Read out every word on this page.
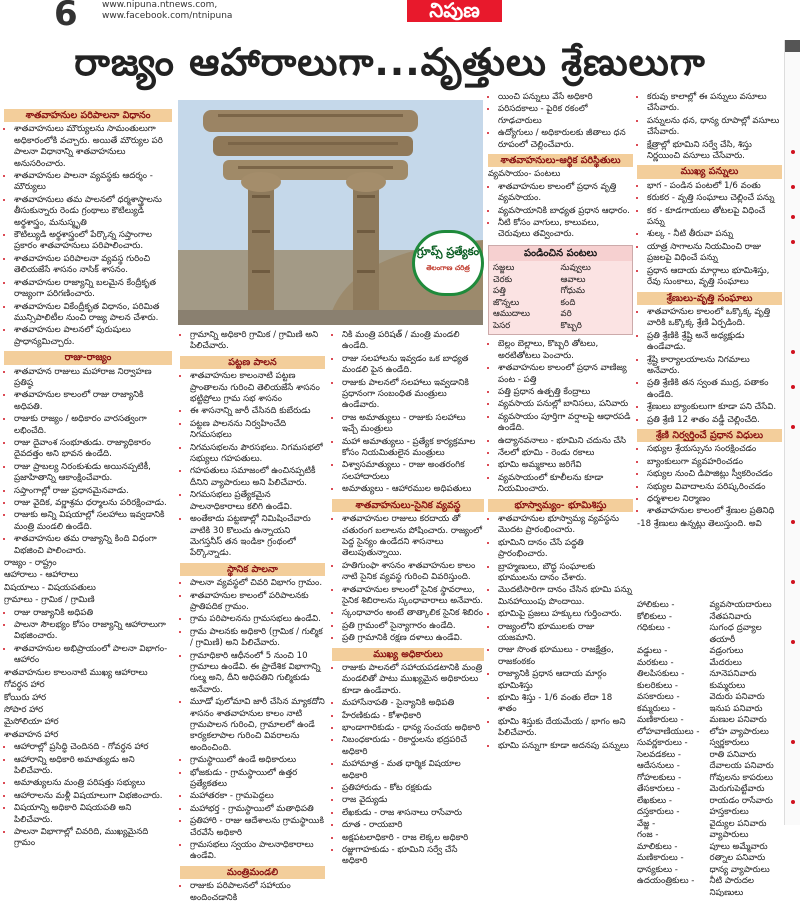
6	www.nipuna.ntnews.com,
www.facebook.com/ntnipuna	నిపుణ
రాజ్యం ఆహారాలుగా...వృత్తులు శ్రేణులుగా
గ్రూప్స్ ప్రత్యేకం
తెలంగాణ చరిత్ర
శాతవాహనుల పరిపాలనా విధానం
• శాతవాహనులు మౌర్యులను సామంతులుగా అధికారంలోకి వచ్చారు. అయితే మౌర్యుల పరి పాలనా విధానాన్ని శాతవాహనులు అనుసరించారు.
• శాతవాహనుల పాలనా వ్యవస్థకు ఆదర్శం - మౌర్యులు
• శాతవాహనులు తమ పాలనలో ధర్మశాస్త్రాలను తీసుకున్నారు రెండు గ్రంథాలు కౌటిల్యుడి అర్థశాస్త్రం, మనుస్మృతి
• కౌటిల్యుడి అర్థశాస్త్రంలో పేర్కొన్న సప్తాంగాల ప్రకారం శాతవాహనులు పరిపాలించారు.
• శాతవాహనుల పరిపాలనా వ్యవస్థ గురించి తెలియజేసే శాసనం నాసిక్ శాసనం.
• శాతవాహనుల రాజ్యాన్ని బలమైన కేంద్రీకృత రాజ్యంగా పరిగణించారు.
• శాతవాహనుల వికేంద్రీకృత విధానం, పరిమిత మున్సిపాలిటీల నుంచి రాజ్య పాలన చేశారు.
• శాతవాహనుల పాలనలో పురుషులు ప్రాధాన్యమిచ్చారు.
రాజు-రాజ్యం
• శాతవాహన రాజులు మహారాజ నిర్వాహణ ప్రతిష్ఠ
• శాతవాహనుల కాలంలో రాజు రాజ్యానికి అధిపతి.
• రాజుకు రాజ్యం / అధికారం వారసత్వంగా లభించేది.
• రాజు దైవాంశ సంభూతుడు. రాజ్యాధికారం దైవదత్తం అని భావన ఉండేది.
• రాజు ప్రాబల్య నిరంకుశుడు అయినప్పటికీ, ప్రజాహితాన్ని ఆకాంక్షించేవారు.
• సప్తాంగాల్లో రాజు ప్రధానమైనవాడు.
• రాజు వైదిక, వర్ణాశ్రమ ధర్మాలను పరిరక్షించాడు.
• రాజుకు అన్ని విషయాల్లో సలహాలు ఇవ్వడానికి మంత్రి మండలి ఉండేది.
• శాతవాహనుల తమ రాజ్యాన్ని కింది విధంగా విభజించి పాలించారు.
రాజ్యం - రాష్ట్రం
ఆహారాలు - ఆహారాలు
విషయాలు - విషయపతులు
గ్రామాలు - గ్రామిక / గ్రామిణి
• రాజు రాజ్యానికి అధిపతి
• పాలనా సౌలభ్యం కోసం రాజ్యాన్ని ఆహారాలుగా విభజించారు.
• శాతవాహనుల అభిప్రాయంలో పాలనా విభాగం-ఆహారం
శాతవాహనుల కాలంనాటి ముఖ్య ఆహారాలు
గోవర్ధన హార
కోయిరు హార
సోపార హార
మైసోలియా హార
శాతవాహన హార
• ఆహారాల్లో ప్రసిద్ధి చెందినది - గోవర్ధన హార
• ఆహారాన్ని అధికారి అమాత్యుడు అని పిలిచేవారు.
• అమాత్యులను మంత్రి పరిషత్తు సభ్యులు
• ఆహారాలను మళ్లీ విషయాలుగా విభజించారు.
• విషయాన్ని అధికారి విషయపతి అని పిలిచేవారు.
• పాలనా విభాగాల్లో చివరిది, ముఖ్యమైనది గ్రామం
• గ్రామాన్ని అధికారి గ్రామిక / గ్రామిణి అని పిలిచేవారు.
పట్టణ పాలన
• శాతవాహనుల కాలంనాటి పట్టణ ప్రాంతాలను గురించి తెలియజేసే శాసనం భట్టిప్రోలు గ్రామ సభ శాసనం
• ఈ శాసనాన్ని జారీ చేసినది కుబేరుడు
• పట్టణ పాలనను నిర్వహించేది నిగమసభలు
• నిగమసభలను పౌరసభలు. నిగమసభలో సభ్యులు గహపతులు.
• గహపతులు సమాజంలో ఉంచినప్పటికీ దీనిని వ్యాపారులు అని పిలిచేవారు.
• నిగమసభలు ప్రత్యేకమైన పాలనాధికారాలు కలిగి ఉండేవి.
• అంతేకాదు పట్టణాల్లో నిమిషించేవారు వాటికి 30 కొలుచు ఉన్నాయని మెగస్తనీస్ తన ఇండికా గ్రంథంలో పేర్కొన్నాడు.
స్థానిక పాలనా
• పాలనా వ్యవస్థలో చివరి విభాగం గ్రామం.
• శాతవాహనుల కాలంలో పరిపాలనకు ప్రాతిపదిక గ్రామం.
• గ్రామ పరిపాలనను గ్రామసభలు ఉండేవి.
• గ్రామ పాలనకు అధికారి (గ్రామిక / గుల్మిక / గ్రామిణి) అని పిలిచేవారు.
• గ్రామాధికారి ఆధీనంలో 5 నుంచి 10 గ్రామాలు ఉండేవి. ఈ ప్రాదేశిక విభాగాన్ని గుల్మ అని, దీని అధిపతిని గుల్మికుడు అనేవారు.
• మూడో పులోమావి జారీ చేసిన మ్యాకదోని శాసనం శాతవాహనుల కాలం నాటి గ్రామపాలన గురించి, గ్రామాలలో ఉండే కార్యకలాపాల గురించి వివరాలను అందించింది.
• గ్రామస్థాయిలో ఉండే అధికారులు
• భోజకుడు - గ్రామస్థాయిలో ఉత్తర ప్రత్యేకతలు
• మహాతరకా - గ్రామపెద్దలు
• మహాభర్త - గ్రామస్థాయిలో మతాధిపతి
• ప్రతిహారి - రాజు ఆదేశాలను గ్రామస్థాయికి చేరవేసే అధికారి
• గ్రామసభలు స్వయం పాలనాధికారాలు ఉండేవి.
మంత్రిమండలి
• రాజుకు పరిపాలనలో సహాయం అందించడానికి
• నికి మంత్రి పరిషత్ / మంత్రి మండలి ఉండేది.
• రాజు సలహాలను ఇవ్వడం ఒక బాధ్యత మండలి పైన ఉండేది.
• రాజుకు పాలనలో సలహాలు ఇవ్వడానికి ప్రధానంగా సంబంధిత మంత్రులు ఉండేవారు.
• రాజ అమాత్యులు - రాజుకు సలహాలు ఇచ్చే మంత్రులు
• మహా అమాత్యులు - ప్రత్యేక కార్యక్రమాల కోసం నియమితులైన మంత్రులు
• విశ్వాసమాత్యులు - రాజు అంతరంగిక సలహాదారులు
• అమాత్యులు - ఆహారముల అధిపతులు
శాతవాహనులు-సైనిక వ్యవస్థ
• శాతవాహనుల రాజులు కరదాయ తో చతురంగ బలాలను పోషించారు. రాజ్యంలో పెద్ద సైన్యం ఉండేదని శాసనాలు తెలుపుతున్నాయి.
• హతిగుంఫా శాసనం శాతవాహనుల కాలం నాటి సైనిక వ్యవస్థ గురించి వివరిస్తుంది.
• శాతవాహనుల కాలంలో సైనిక స్థావరాలు, సైనిక శిబిరాలను స్కంధావారాలు అనేవారు.
• స్కంధావారం అంటే తాత్కాలిక సైనిక శిబిరం
• ప్రతి గ్రామంలో సైన్యాగారం ఉండేది.
• ప్రతి గ్రామానికి రక్షణ దళాలు ఉండేవి.
ముఖ్య అధికారులు
• రాజుకు పాలనలో సహాయపడటానికి మంత్రి మండలితో పాటు ముఖ్యమైన అధికారులు కూడా ఉండేవారు.
• మహాసేనాపతి - సైన్యానికి అధిపతి
• హేరణికుడు - కోశాధికారి
• భాండాగారికుడు - ధాన్య సంచయ అధికారి
• నిబంధకారుడు - రికార్డులను భద్రపరిచే అధికారి
• మహామాత్ర - మత ధార్మిక విషయాల అధికారి
• ప్రతిహారుడు - కోట రక్షకుడు
• రాజ వైద్యుడు
• లేఖకుడు - రాజ శాసనాలు రాసేవారు
• దూత - రాయబారి
• అక్షపటలాధికారి - రాజ లెక్కల అధికారి
• రజ్జుగాహకుడు - భూమిని సర్వే చేసే అధికారి
• యించి పన్నులు వేసే అధికారి
• పరిసదకాలు - పైరిక రకంలో గూఢచారులు
• ఉద్యోగులు / అధికారులకు జీతాలు ధన రూపంలో చెల్లించేవారు.
శాతవాహనులు-ఆర్థిక పరిస్థితులు
వ్యవసాయం- పంటలు
• శాతవాహనుల కాలంలో ప్రధాన వృత్తి వ్యవసాయం.
• వ్యవసాయానికి బాధ్యత ప్రధాన ఆధారం.
• నీటి కోసం వాగులు, కాలువలు, చెరువులు తవ్వించారు.
పండించిన పంటలు
సజ్జలు	నువ్వులు
చెరకు	ఆవాలు
పత్తి	గోధుమ
జొన్నలు	కంది
ఆముదాలు	వరి
పెసర	కొబ్బరి
• బెల్లం బెల్లాలు, కొబ్బరి తోటలు, అరటితోటలు పెంచారు.
• శాతవాహనుల కాలంలో ప్రధాన వాణిజ్య పంట - పత్తి
• పత్తి ప్రధాన ఉత్పత్తి కేంద్రాలు
• వ్యవసాయ పనుల్లో బానిసలు, పనివారు
• వ్యవసాయం పూర్తిగా వర్షాలపై ఆధారపడి ఉండేది.
• ఉద్యానవనాలు - భూమిని చదును చేసి
• నేలలో భూమి - రెండు రకాలు
• భూమి అమ్మకాలు జరిగేవి
• వ్యవసాయంలో కూలీలను కూడా నియమించారు.
భూస్వామ్యం- భూమిశిస్తు
• శాతవాహనుల భూస్వామ్య వ్యవస్థను మొదట ప్రారంభించారు.
• భూమిని దానం చేసే పద్ధతి ప్రారంభించారు.
• బ్రాహ్మణులు, బౌద్ధ సంఘాలకు భూములను దానం చేశారు.
• మొదటిసారిగా దానం చేసిన భూమి పన్ను మినహాయింపు పొందాయి.
• భూమిపై ప్రజలు హక్కులు గుర్తించారు.
• రాజ్యంలోని భూములకు రాజు యజమాని.
• రాజు సొంత భూములు - రాజక్షేత్రం, రాజకంఠకం
• రాజ్యానికి ప్రధాన ఆదాయ మార్గం భూమిశిస్తు
• భూమి శిస్తు - 1/6 వంతు లేదా 18 శాతం
• భూమి శిస్తుకు దేయమేయ / భాగం అని పిలిచేవారు.
• భూమి పన్నుగా కూడా అదనపు పన్నులు
• కరువు కాలాల్లో ఈ పన్నులు వసూలు చేసేవారు.
• పన్నులను ధన, ధాన్య రూపాల్లో వసూలు చేసేవారు.
• క్షేత్రాల్లో భూమిని సర్వే చేసి, శిస్తు నిర్ణయించి వసూలు చేసేవారు.
ముఖ్య పన్నులు
• భాగ - పండిన పంటలో 1/6 వంతు
• కరుకర - వృత్తి సంఘాలు చెల్లించే పన్ను
• కర - కూడగాయలు తోటలపై విధించే పన్ను
• శుల్క - నీటి తీరువా పన్ను
• యాత్ర సాగాలను నియమించి రాజు ప్రజలపై విధించే పన్ను
• ప్రధాన ఆదాయ మార్గాలు భూమిశిస్తు, రేవు సుంకాలు, వృత్తి సంఘాలు
శ్రేణులు-వృత్తి సంఘాలు
• శాతవాహనుల కాలంలో ఒక్కొక్క వృత్తి వారికి ఒక్కొక్క శ్రేణి ఏర్పడింది.
• ప్రతి శ్రేణికి శ్రేష్టి అనే అధ్యక్షుడు ఉండేవాడు.
• శ్రేష్టి కార్యాలయాలను నిగమాలు అనేవారు.
• ప్రతి శ్రేణికి తన స్వంత ముద్ర, పతాకం ఉండేది.
• శ్రేణులు బ్యాంకులుగా కూడా పని చేసేవి.
• ప్రతి శ్రేణి 12 శాతం వడ్డీ చెల్లించేది.
శ్రేణి నిర్వర్తించే ప్రధాన విధులు
• సభ్యుల శ్రేయస్సును సంరక్షించడం
• బ్యాంకులుగా వ్యవహరించడం
• సభ్యుల నుంచి డిపాజిట్లు స్వీకరించడం
• సభ్యుల వివాదాలను పరిష్కరించడం
• ధర్మశాలల నిర్మాణం
• శాతవాహనుల కాలంలో శ్రేణుల ప్రతినిధి
-18 శ్రేణులు ఉన్నట్లు తెలుస్తుంది. అవి
హాలికులు -	వ్యవసాయదారులు
కోలికులు -	నేతపనివారు
గధికులు -	సుగంధ ద్రవ్యాల తయారీ
వడ్డులు -	వడ్రంగులు
మరకులు -	మేదరులు
తిలపిసకులు -	నూనెపనివారు
కులరికులు -	కుమ్మరులు
వసకారులు -	వెదురు పనివారు
కమ్మరులు -	ఇనుప పనివారు
మణికారులు -	మణుల పనివారు
లోహవాణియులు -	లోహ వ్యాపారులు
సువర్ణకారులు -	స్వర్ణకారులు
సెలవడకలు -	రాతి పనివారు
ఆదేసనులు -	దేవాలయ పనివారు
గోహలకులు -	గోవులను కాపరులు
తేసకారులు -	మెరుగుపెట్టేవారు
లేఖకులు -	రాయడం రాసేవారు
దస్తకారులు -	హస్తకారులు
వేజ్జ -	వైద్యుల పనివారు
గంజ -	వ్యాపారులు
మాలికులు -	పూలు అమ్మేవారు
మణికారులు -	రత్నాల పనివారు
ధాన్యకులు -	ధాన్య వ్యాపారులు
ఉదయంత్రికులు -	నీటి పారుదల నిపుణులు
